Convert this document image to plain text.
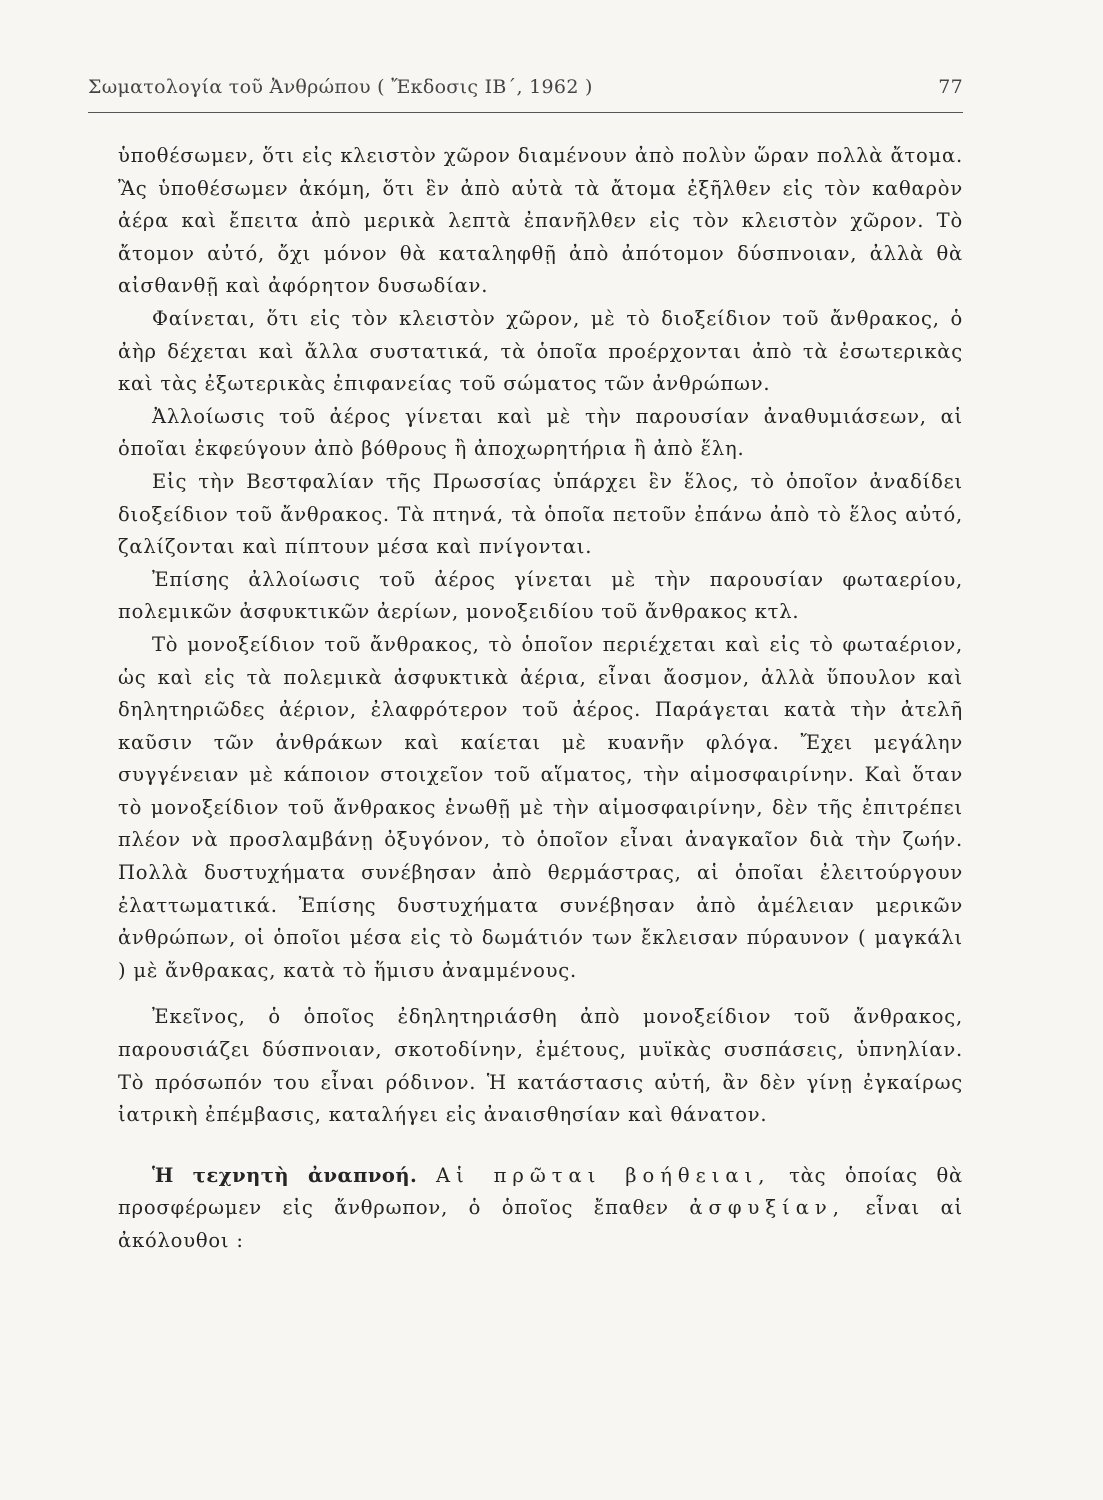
Σωματολογία τοῦ Ἀνθρώπου ( Ἔκδοσις ΙΒ΄, 1962 )	77

ὑποθέσωμεν, ὅτι εἰς κλειστὸν χῶρον διαμένουν ἀπὸ πολὺν ὥραν πολλὰ ἄτομα. Ἂς ὑποθέσωμεν ἀκόμη, ὅτι ἓν ἀπὸ αὐτὰ τὰ ἄτομα ἐξῆλθεν εἰς τὸν καθαρὸν ἀέρα καὶ ἔπειτα ἀπὸ μερικὰ λεπτὰ ἐπανῆλθεν εἰς τὸν κλειστὸν χῶρον. Τὸ ἄτομον αὐτό, ὄχι μόνον θὰ καταληφθῇ ἀπὸ ἀπότομον δύσπνοιαν, ἀλλὰ θὰ αἰσθανθῇ καὶ ἀφόρητον δυσωδίαν.

Φαίνεται, ὅτι εἰς τὸν κλειστὸν χῶρον, μὲ τὸ διοξείδιον τοῦ ἄνθρακος, ὁ ἀὴρ δέχεται καὶ ἄλλα συστατικά, τὰ ὁποῖα προέρχονται ἀπὸ τὰ ἐσωτερικὰς καὶ τὰς ἐξωτερικὰς ἐπιφανείας τοῦ σώματος τῶν ἀνθρώπων.

Ἀλλοίωσις τοῦ ἀέρος γίνεται καὶ μὲ τὴν παρουσίαν ἀναθυμιάσεων, αἱ ὁποῖαι ἐκφεύγουν ἀπὸ βόθρους ἢ ἀποχωρητήρια ἢ ἀπὸ ἕλη.

Εἰς τὴν Βεστφαλίαν τῆς Πρωσσίας ὑπάρχει ἓν ἕλος, τὸ ὁποῖον ἀναδίδει διοξείδιον τοῦ ἄνθρακος. Τὰ πτηνά, τὰ ὁποῖα πετοῦν ἐπάνω ἀπὸ τὸ ἕλος αὐτό, ζαλίζονται καὶ πίπτουν μέσα καὶ πνίγονται.

Ἐπίσης ἀλλοίωσις τοῦ ἀέρος γίνεται μὲ τὴν παρουσίαν φωταερίου, πολεμικῶν ἀσφυκτικῶν ἀερίων, μονοξειδίου τοῦ ἄνθρακος κτλ.

Τὸ μονοξείδιον τοῦ ἄνθρακος, τὸ ὁποῖον περιέχεται καὶ εἰς τὸ φωταέριον, ὡς καὶ εἰς τὰ πολεμικὰ ἀσφυκτικὰ ἀέρια, εἶναι ἄοσμον, ἀλλὰ ὕπουλον καὶ δηλητηριῶδες ἀέριον, ἐλαφρότερον τοῦ ἀέρος. Παράγεται κατὰ τὴν ἀτελῆ καῦσιν τῶν ἀνθράκων καὶ καίεται μὲ κυανῆν φλόγα. Ἔχει μεγάλην συγγένειαν μὲ κάποιον στοιχεῖον τοῦ αἵματος, τὴν αἱμοσφαιρίνην. Καὶ ὅταν τὸ μονοξείδιον τοῦ ἄνθρακος ἑνωθῇ μὲ τὴν αἱμοσφαιρίνην, δὲν τῆς ἐπιτρέπει πλέον νὰ προσλαμβάνῃ ὀξυγόνον, τὸ ὁποῖον εἶναι ἀναγκαῖον διὰ τὴν ζωήν. Πολλὰ δυστυχήματα συνέβησαν ἀπὸ θερμάστρας, αἱ ὁποῖαι ἐλειτούργουν ἐλαττωματικά. Ἐπίσης δυστυχήματα συνέβησαν ἀπὸ ἀμέλειαν μερικῶν ἀνθρώπων, οἱ ὁποῖοι μέσα εἰς τὸ δωμάτιόν των ἔκλεισαν πύραυνον ( μαγκάλι ) μὲ ἄνθρακας, κατὰ τὸ ἥμισυ ἀναμμένους.

Ἐκεῖνος, ὁ ὁποῖος ἐδηλητηριάσθη ἀπὸ μονοξείδιον τοῦ ἄνθρακος, παρουσιάζει δύσπνοιαν, σκοτοδίνην, ἐμέτους, μυϊκὰς συσπάσεις, ὑπνηλίαν. Τὸ πρόσωπόν του εἶναι ρόδινον. Ἡ κατάστασις αὐτή, ἂν δὲν γίνῃ ἐγκαίρως ἰατρικὴ ἐπέμβασις, καταλήγει εἰς ἀναισθησίαν καὶ θάνατον.

Ἡ τεχνητὴ ἀναπνοή. Αἱ πρῶται βοήθειαι, τὰς ὁποίας θὰ προσφέρωμεν εἰς ἄνθρωπον, ὁ ὁποῖος ἔπαθεν ἀσφυξίαν, εἶναι αἱ ἀκόλουθοι :
